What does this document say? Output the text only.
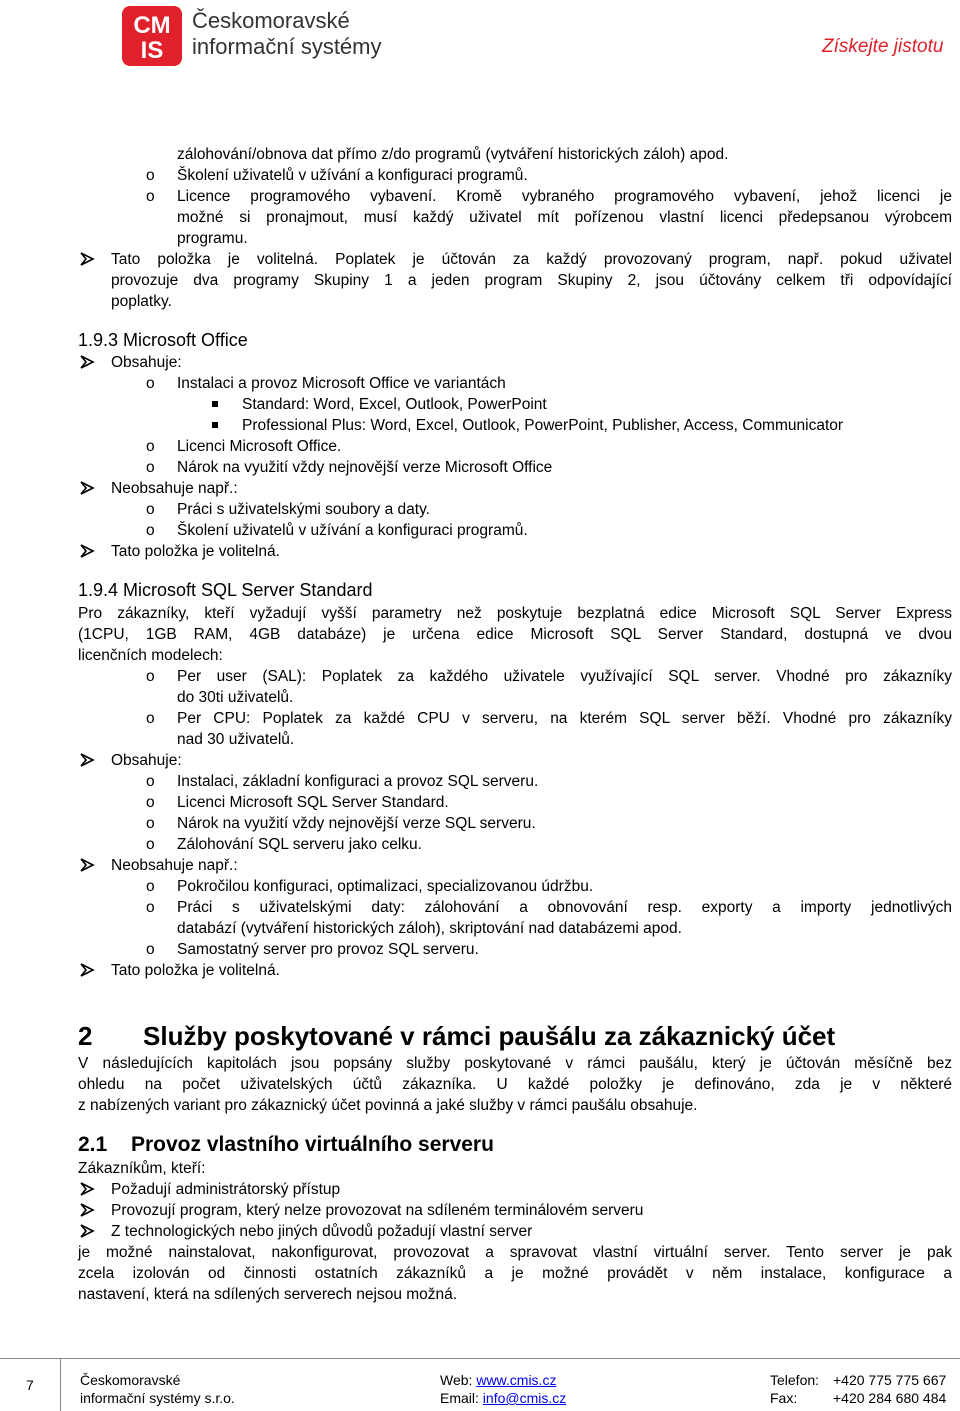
CM
IS
Českomoravské
informační systémy	Získejte jistotu
zálohování/obnova dat přímo z/do programů (vytváření historických záloh) apod.
o Školení uživatelů v užívání a konfiguraci programů.
o Licence programového vybavení. Kromě vybraného programového vybavení, jehož licenci je
možné si pronajmout, musí každý uživatel mít pořízenou vlastní licenci předepsanou výrobcem
programu.
Tato položka je volitelná. Poplatek je účtován za každý provozovaný program, např. pokud uživatel
provozuje dva programy Skupiny 1 a jeden program Skupiny 2, jsou účtovány celkem tři odpovídající
poplatky.
1.9.3 Microsoft Office
Obsahuje:
o Instalaci a provoz Microsoft Office ve variantách
Standard: Word, Excel, Outlook, PowerPoint
Professional Plus: Word, Excel, Outlook, PowerPoint, Publisher, Access, Communicator
o Licenci Microsoft Office.
o Nárok na využití vždy nejnovější verze Microsoft Office
Neobsahuje např.:
o Práci s uživatelskými soubory a daty.
o Školení uživatelů v užívání a konfiguraci programů.
Tato položka je volitelná.
1.9.4 Microsoft SQL Server Standard
Pro zákazníky, kteří vyžadují vyšší parametry než poskytuje bezplatná edice Microsoft SQL Server Express
(1CPU, 1GB RAM, 4GB databáze) je určena edice Microsoft SQL Server Standard, dostupná ve dvou
licenčních modelech:
o Per user (SAL): Poplatek za každého uživatele využívající SQL server. Vhodné pro zákazníky
do 30ti uživatelů.
o Per CPU: Poplatek za každé CPU v serveru, na kterém SQL server běží. Vhodné pro zákazníky
nad 30 uživatelů.
Obsahuje:
o Instalaci, základní konfiguraci a provoz SQL serveru.
o Licenci Microsoft SQL Server Standard.
o Nárok na využití vždy nejnovější verze SQL serveru.
o Zálohování SQL serveru jako celku.
Neobsahuje např.:
o Pokročilou konfiguraci, optimalizaci, specializovanou údržbu.
o Práci s uživatelskými daty: zálohování a obnovování resp. exporty a importy jednotlivých
databází (vytváření historických záloh), skriptování nad databázemi apod.
o Samostatný server pro provoz SQL serveru.
Tato položka je volitelná.
2 Služby poskytované v rámci paušálu za zákaznický účet
V následujících kapitolách jsou popsány služby poskytované v rámci paušálu, který je účtován měsíčně bez
ohledu na počet uživatelských účtů zákazníka. U každé položky je definováno, zda je v některé
z nabízených variant pro zákaznický účet povinná a jaké služby v rámci paušálu obsahuje.
2.1 Provoz vlastního virtuálního serveru
Zákazníkům, kteří:
Požadují administrátorský přístup
Provozují program, který nelze provozovat na sdíleném terminálovém serveru
Z technologických nebo jiných důvodů požadují vlastní server
je možné nainstalovat, nakonfigurovat, provozovat a spravovat vlastní virtuální server. Tento server je pak
zcela izolován od činnosti ostatních zákazníků a je možné provádět v něm instalace, konfigurace a
nastavení, která na sdílených serverech nejsou možná.
7	Českomoravské
informační systémy s.r.o.
Web: www.cmis.cz
Email: info@cmis.cz
Telefon: +420 775 775 667
Fax:	+420 284 680 484
